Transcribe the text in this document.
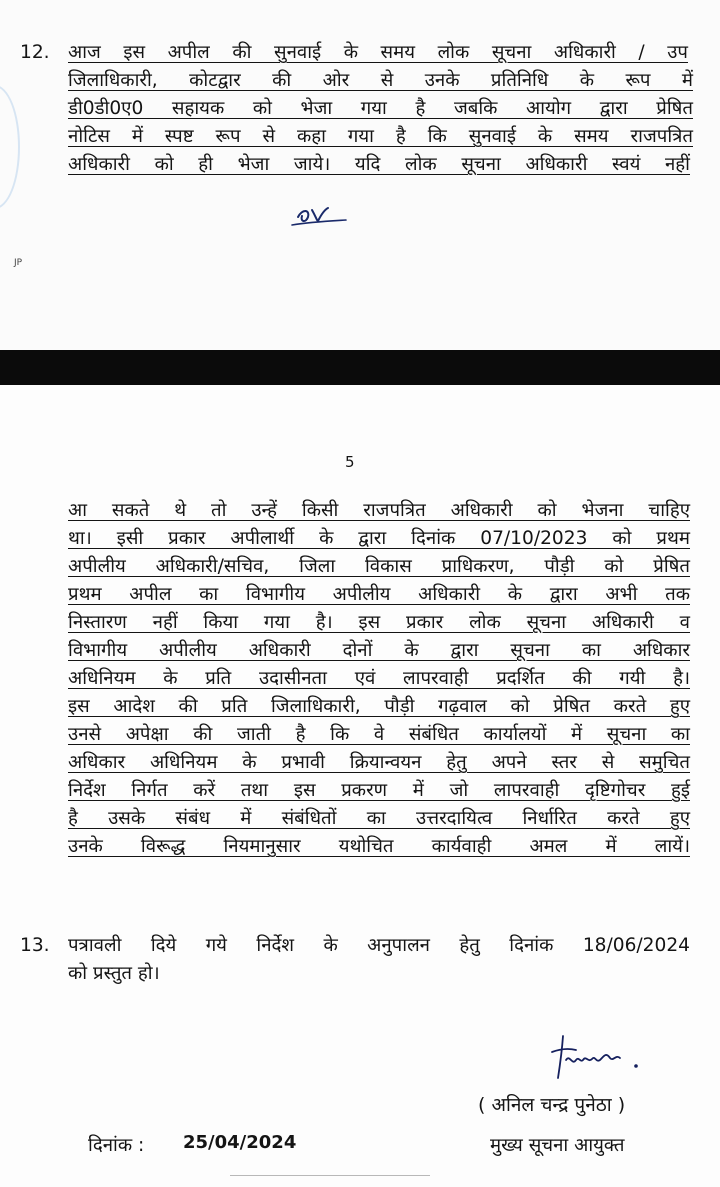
12. आज इस अपील की सुनवाई के समय लोक सूचना अधिकारी / उप
जिलाधिकारी, कोटद्वार की ओर से उनके प्रतिनिधि के रूप में
डी0डी0ए0 सहायक को भेजा गया है जबकि आयोग द्वारा प्रेषित
नोटिस में स्पष्ट रूप से कहा गया है कि सुनवाई के समय राजपत्रित
अधिकारी को ही भेजा जाये। यदि लोक सूचना अधिकारी स्वयं नहीं
JP
5
आ सकते थे तो उन्हें किसी राजपत्रित अधिकारी को भेजना चाहिए
था। इसी प्रकार अपीलार्थी के द्वारा दिनांक 07/10/2023 को प्रथम
अपीलीय अधिकारी/सचिव, जिला विकास प्राधिकरण, पौड़ी को प्रेषित
प्रथम अपील का विभागीय अपीलीय अधिकारी के द्वारा अभी तक
निस्तारण नहीं किया गया है। इस प्रकार लोक सूचना अधिकारी व
विभागीय अपीलीय अधिकारी दोनों के द्वारा सूचना का अधिकार
अधिनियम के प्रति उदासीनता एवं लापरवाही प्रदर्शित की गयी है।
इस आदेश की प्रति जिलाधिकारी, पौड़ी गढ़वाल को प्रेषित करते हुए
उनसे अपेक्षा की जाती है कि वे संबंधित कार्यालयों में सूचना का
अधिकार अधिनियम के प्रभावी क्रियान्वयन हेतु अपने स्तर से समुचित
निर्देश निर्गत करें तथा इस प्रकरण में जो लापरवाही दृष्टिगोचर हुई
है उसके संबंध में संबंधितों का उत्तरदायित्व निर्धारित करते हुए
उनके विरूद्ध नियमानुसार यथोचित कार्यवाही अमल में लायें।
13. पत्रावली दिये गये निर्देश के अनुपालन हेतु दिनांक 18/06/2024
को प्रस्तुत हो।
( अनिल चन्द्र पुनेठा )
दिनांक : 25/04/2024	मुख्य सूचना आयुक्त
